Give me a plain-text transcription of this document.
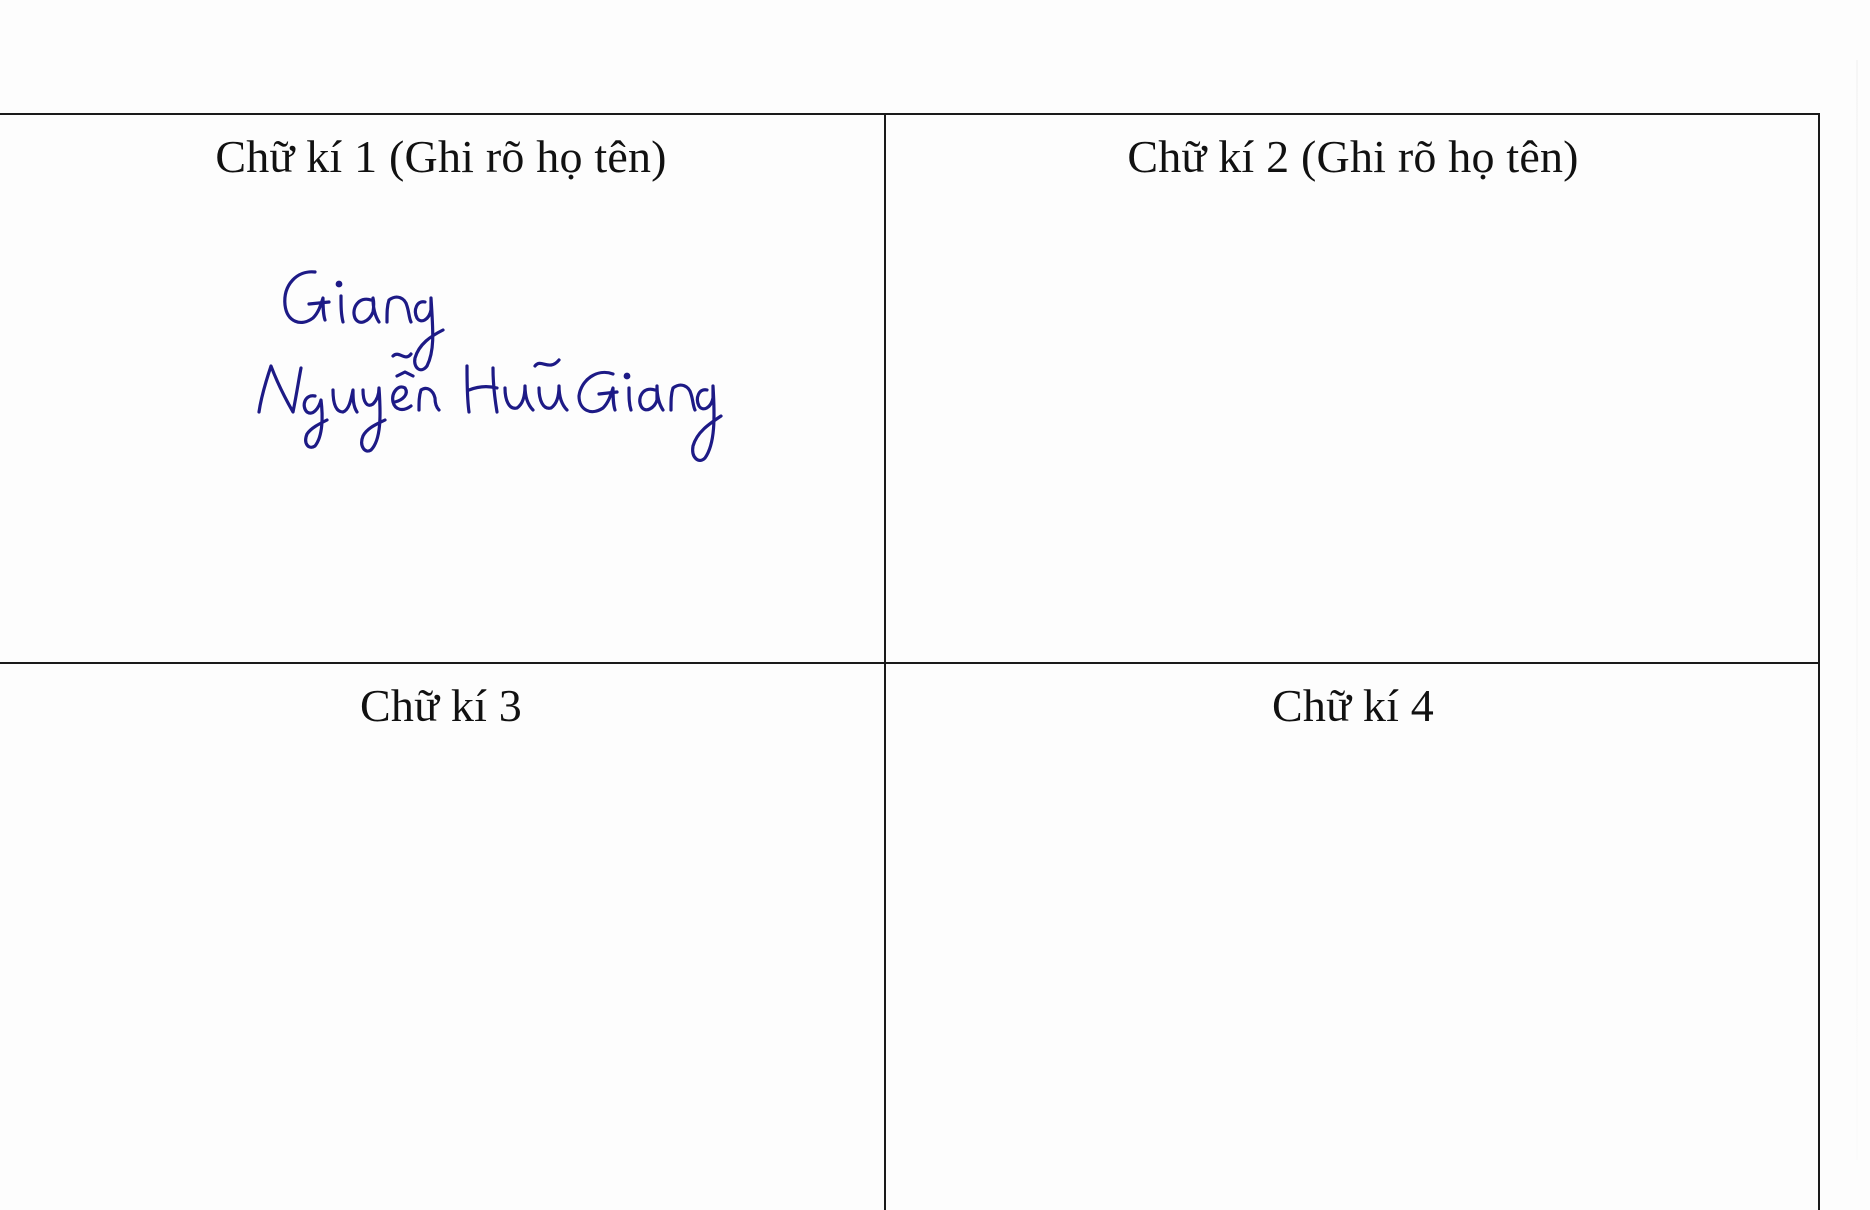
Chữ kí 1 (Ghi rõ họ tên)	Chữ kí 2 (Ghi rõ họ tên)
Chữ kí 3	Chữ kí 4
